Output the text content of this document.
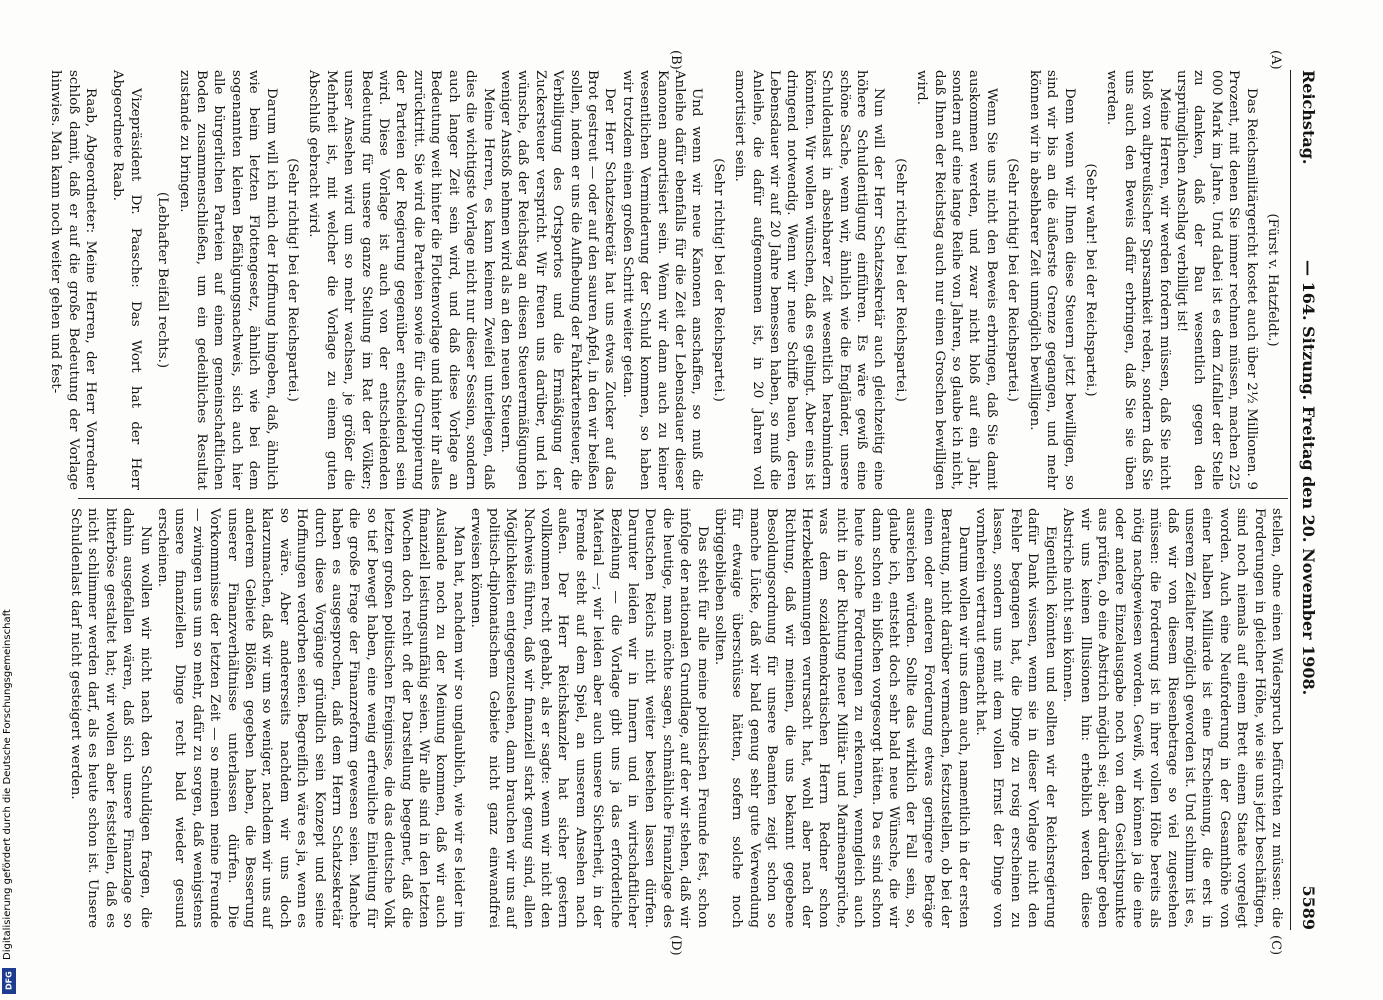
Reichstag.
— 164. Sitzung. Freitag den 20. November 1908.
5589
(A)
(B)
(C)
(D)

(Fürst v. Hatzfeldt.)

Das Reichsmilitärgericht kostet auch über 2½ Millionen. 9 Prozent, mit denen Sie immer rechnen müssen, machen 225 000 Mark im Jahre. Und dabei ist es dem Zufaller der Stelle zu danken, daß der Bau wesentlich gegen den ursprünglichen Anschlag verbilligt ist!

Meine Herren, wir werden fordern müssen, daß Sie nicht bloß von altpreußischer Sparsamkeit reden, sondern daß Sie uns auch den Beweis dafür erbringen, daß Sie sie üben werden.

(Sehr wahr! bei der Reichspartei.)

Denn wenn wir Ihnen diese Steuern jetzt bewilligen, so sind wir bis an die äußerste Grenze gegangen, und mehr können wir in absehbarer Zeit unmöglich bewilligen.

(Sehr richtig! bei der Reichspartei.)

Wenn Sie uns nicht den Beweis erbringen, daß Sie damit auskommen werden, und zwar nicht bloß auf ein Jahr, sondern auf eine lange Reihe von Jahren, so glaube ich nicht, daß Ihnen der Reichstag auch nur einen Groschen bewilligen wird.

(Sehr richtig! bei der Reichspartei.)

Nun will der Herr Schatzsekretär auch gleichzeitig eine höhere Schuldentilgung einführen. Es wäre gewiß eine schöne Sache, wenn wir, ähnlich wie die Engländer, unsere Schuldenlast in absehbarer Zeit wesentlich herabmindern könnten. Wir wollen wünschen, daß es gelingt. Aber eins ist dringend notwendig. Wenn wir neue Schiffe bauen, deren Lebensdauer wir auf 20 Jahre bemessen haben, so muß die Anleihe, die dafür aufgenommen ist, in 20 Jahren voll amortisiert sein.

(Sehr richtig! bei der Reichspartei.)

Und wenn wir neue Kanonen anschaffen, so muß die Anleihe dafür ebenfalls für die Zeit der Lebensdauer dieser Kanonen amortisiert sein. Wenn wir dann auch zu keiner wesentlichen Verminderung der Schuld kommen, so haben wir trotzdem einen großen Schritt weiter getan.

Der Herr Schatzsekretär hat uns etwas Zucker auf das Brot gestreut — oder auf den sauren Apfel, in den wir beißen sollen, indem er uns die Aufhebung der Fahrkartensteuer, die Verbilligung des Ortsportos und die Ermäßigung der Zuckersteuer verspricht. Wir freuen uns darüber, und ich wünsche, daß der Reichstag an diesen Steuerermäßigungen weniger Anstoß nehmen wird als an den neuen Steuern.

Meine Herren, es kann keinem Zweifel unterliegen, daß dies die wichtigste Vorlage nicht nur dieser Session, sondern auch langer Zeit sein wird, und daß diese Vorlage an Bedeutung weit hinter die Flottenvorlage und hinter ihr alles zurücktritt. Sie wird die Parteien sowie für die Gruppierung der Parteien der Regierung gegenüber entscheidend sein wird. Diese Vorlage ist auch von der entscheidenden Bedeutung für unsere ganze Stellung im Rat der Völker; unser Ansehen wird um so mehr wachsen, je größer die Mehrheit ist, mit welcher die Vorlage zu einem guten Abschluß gebracht wird.

(Sehr richtig! bei der Reichspartei.)

Darum will ich mich der Hoffnung hingeben, daß, ähnlich wie beim letzten Flottengesetz, ähnlich wie bei dem sogenannten kleinen Befähigungsnachweis, sich auch hier alle bürgerlichen Parteien auf einem gemeinschaftlichen Boden zusammenschließen, um ein gedeihliches Resultat zustande zu bringen.

(Lebhafter Beifall rechts.)

Vizepräsident Dr. Paasche: Das Wort hat der Herr Abgeordnete Raab.

Raab, Abgeordneter: Meine Herren, der Herr Vorredner schloß damit, daß er auf die große Bedeutung der Vorlage hinwies. Man kann noch weiter gehen und fest-

stellen, ohne einen Widerspruch befürchten zu müssen: die Forderungen in gleicher Höhe, wie sie uns jetzt beschäftigen, sind noch niemals auf einem Brett einem Staate vorgelegt worden. Auch eine Neuforderung in der Gesamthöhe von einer halben Milliarde ist eine Erscheinung, die erst in unserem Zeitalter möglich geworden ist. Und schlimm ist es, daß wir von diesem Riesenbetrage so viel zugestehen müssen: die Forderung ist in ihrer vollen Höhe bereits als nötig nachgewiesen worden. Gewiß, wir können ja die eine oder andere Einzelausgabe noch von dem Gesichtspunkte aus prüfen, ob eine Abstrich möglich sei; aber darüber geben wir uns keinen Illusionen hin: erheblich werden diese Abstriche nicht sein können.

Eigentlich könnten und sollten wir der Reichsregierung dafür Dank wissen, wenn sie in dieser Vorlage nicht den Fehler begangen hat, die Dinge zu rosig erscheinen zu lassen, sondern uns mit dem vollen Ernst der Dinge von vornherein vertraut gemacht hat.

Darum wollen wir uns denn auch, namentlich in der ersten Beratung, nicht darüber vermachen, festzustellen, ob bei der einen oder anderen Forderung etwas geringere Beträge ausreichen würden. Sollte das wirklich der Fall sein, so, glaube ich, entsteht doch sehr bald neue Wünsche, die wir dann schon ein bißchen vorgesorgt hätten. Da es sind schon heute solche Forderungen zu erkennen, wenngleich auch nicht in der Richtung neuer Militär- und Marineansprüche, was dem sozialdemokratischen Herrn Redner schon Herzbeklemmungen verursacht hat, wohl aber nach der Richtung, daß wir meinen, die uns bekannt gegebene Besoldungsordnung für unsere Beamten zeigt schon so manche Lücke, daß wir bald genug sehr gute Verwendung für etwaige überschüsse hätten, sofern solche noch übriggeblieben sollten.

Das steht für alle meine politischen Freunde fest, schon infolge der nationalen Grundlage, auf der wir stehen, daß wir die heutige, man möchte sagen, schmähliche Finanzlage des Deutschen Reichs nicht weiter bestehen lassen dürfen. Darunter leiden wir in Innern und in wirtschaftlicher Beziehung — die Vorlage gibt uns ja das erforderliche Material —; wir leiden aber auch unsere Sicherheit, in der Fremde steht auf dem Spiel, an unserem Ansehen nach außen. Der Herr Reichskanzler hat sicher gestern vollkommen recht gehabt, als er sagte: wenn wir nicht den Nachweis führen, daß wir finanziell stark genug sind, allen Möglichkeiten entgegenzusehen, dann brauchen wir uns auf politisch-diplomatischem Gebiete nicht ganz einwandfrei erweisen können.

Man hat, nachdem wir so unglaublich, wie wir es leider im Auslande noch zu der Meinung kommen, daß wir auch finanziell leistungsunfähig seien. Wir alle sind in den letzten Wochen doch recht oft der Darstellung begegnet, daß die letzten großen politischen Ereignisse, die das deutsche Volk so tief bewegt haben, eine wenig erfreuliche Einleitung für die große Frage der Finanzreform gewesen seien. Manche haben es ausgesprochen, daß dem Herrn Schatzsekretär durch diese Vorgänge gründlich sein Konzept und seine Hoffnungen verdorben seien. Begreiflich wäre es ja, wenn es so wäre. Aber andererseits nachdem wir uns doch klarzumachen, daß wir um so weniger, nachdem wir uns auf anderem Gebiete Blößen gegeben haben, die Besserung unserer Finanzverhältnisse unterlassen dürfen. Die Vorkommnisse der letzten Zeit — so meinen meine Freunde — zwingen uns um so mehr, dafür zu sorgen, daß wenigstens unsere finanziellen Dinge recht bald wieder gesund erscheinen.

Nun wollen wir nicht nach den Schuldigen fragen, die dahin ausgefallen wären, daß sich unsere Finanzlage so bitterböse gestaltet hat; wir wollen aber feststellen, daß es nicht schlimmer werden darf, als es heute schon ist. Unsere Schuldenlast darf nicht gesteigert werden.

Digitalisierung gefördert durch die Deutsche Forschungsgemeinschaft
DFG
